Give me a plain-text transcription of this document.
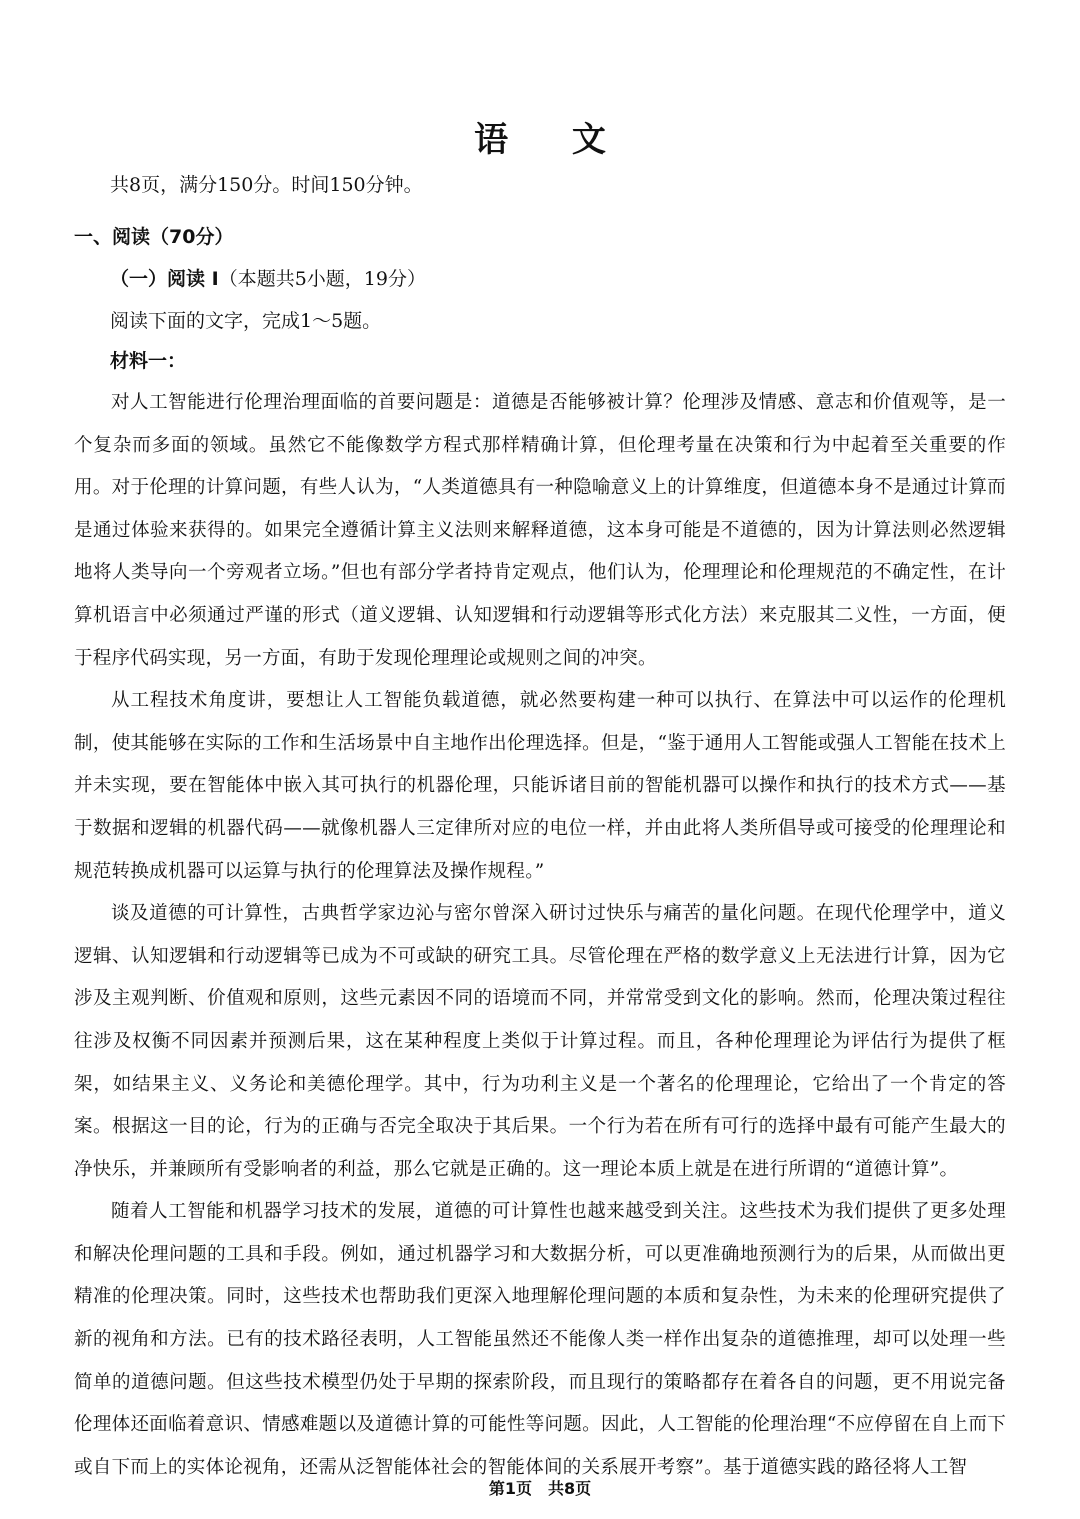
语 文
共8页，满分150分。时间150分钟。
一、阅读（70分）
（一）阅读 I（本题共5小题，19分）
阅读下面的文字，完成1～5题。
材料一：

对人工智能进行伦理治理面临的首要问题是：道德是否能够被计算？伦理涉及情感、意志和价值观等，是一个复杂而多面的领域。虽然它不能像数学方程式那样精确计算，但伦理考量在决策和行为中起着至关重要的作用。对于伦理的计算问题，有些人认为，“人类道德具有一种隐喻意义上的计算维度，但道德本身不是通过计算而是通过体验来获得的。如果完全遵循计算主义法则来解释道德，这本身可能是不道德的，因为计算法则必然逻辑地将人类导向一个旁观者立场。”但也有部分学者持肯定观点，他们认为，伦理理论和伦理规范的不确定性，在计算机语言中必须通过严谨的形式（道义逻辑、认知逻辑和行动逻辑等形式化方法）来克服其二义性，一方面，便于程序代码实现，另一方面，有助于发现伦理理论或规则之间的冲突。

从工程技术角度讲，要想让人工智能负载道德，就必然要构建一种可以执行、在算法中可以运作的伦理机制，使其能够在实际的工作和生活场景中自主地作出伦理选择。但是，“鉴于通用人工智能或强人工智能在技术上并未实现，要在智能体中嵌入其可执行的机器伦理，只能诉诸目前的智能机器可以操作和执行的技术方式——基于数据和逻辑的机器代码——就像机器人三定律所对应的电位一样，并由此将人类所倡导或可接受的伦理理论和规范转换成机器可以运算与执行的伦理算法及操作规程。”

谈及道德的可计算性，古典哲学家边沁与密尔曾深入研讨过快乐与痛苦的量化问题。在现代伦理学中，道义逻辑、认知逻辑和行动逻辑等已成为不可或缺的研究工具。尽管伦理在严格的数学意义上无法进行计算，因为它涉及主观判断、价值观和原则，这些元素因不同的语境而不同，并常常受到文化的影响。然而，伦理决策过程往往涉及权衡不同因素并预测后果，这在某种程度上类似于计算过程。而且，各种伦理理论为评估行为提供了框架，如结果主义、义务论和美德伦理学。其中，行为功利主义是一个著名的伦理理论，它给出了一个肯定的答案。根据这一目的论，行为的正确与否完全取决于其后果。一个行为若在所有可行的选择中最有可能产生最大的净快乐，并兼顾所有受影响者的利益，那么它就是正确的。这一理论本质上就是在进行所谓的“道德计算”。

随着人工智能和机器学习技术的发展，道德的可计算性也越来越受到关注。这些技术为我们提供了更多处理和解决伦理问题的工具和手段。例如，通过机器学习和大数据分析，可以更准确地预测行为的后果，从而做出更精准的伦理决策。同时，这些技术也帮助我们更深入地理解伦理问题的本质和复杂性，为未来的伦理研究提供了新的视角和方法。已有的技术路径表明，人工智能虽然还不能像人类一样作出复杂的道德推理，却可以处理一些简单的道德问题。但这些技术模型仍处于早期的探索阶段，而且现行的策略都存在着各自的问题，更不用说完备伦理体还面临着意识、情感难题以及道德计算的可能性等问题。因此，人工智能的伦理治理“不应停留在自上而下或自下而上的实体论视角，还需从泛智能体社会的智能体间的关系展开考察”。基于道德实践的路径将人工智

第1页　共8页
